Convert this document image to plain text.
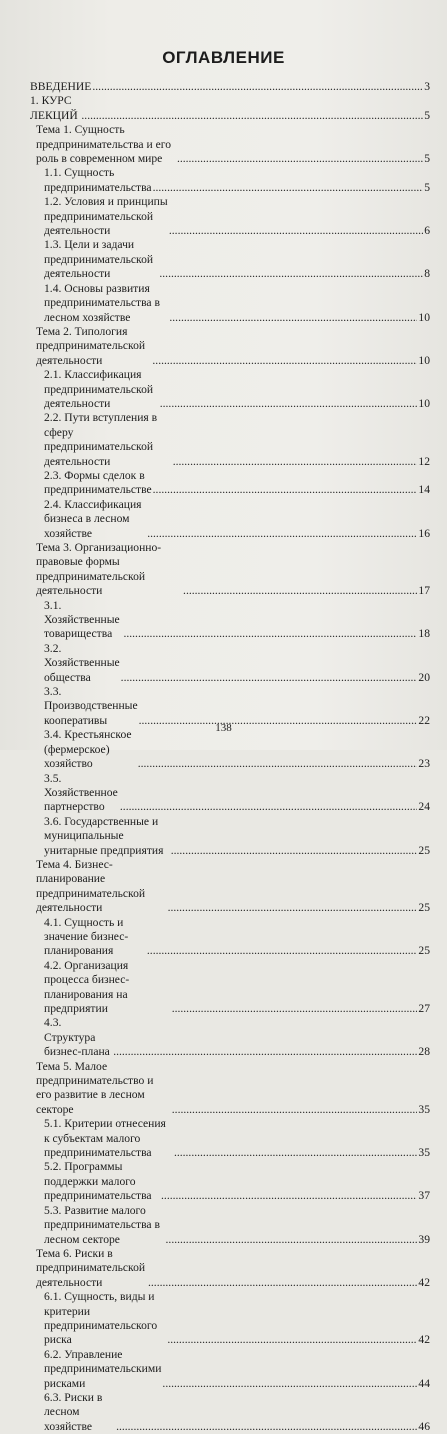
ОГЛАВЛЕНИЕ
ВВЕДЕНИЕ .....	3
1. КУРС ЛЕКЦИЙ .....	5
Тема 1. Сущность предпринимательства и его роль в современном мире .....	5
1.1. Сущность предпринимательства .....	5
1.2. Условия и принципы предпринимательской деятельности .....	6
1.3. Цели и задачи предпринимательской деятельности .....	8
1.4. Основы развития предпринимательства в лесном хозяйстве .....	10
Тема 2. Типология предпринимательской деятельности .....	10
2.1. Классификация предпринимательской деятельности .....	10
2.2. Пути вступления в сферу предпринимательской деятельности .....	12
2.3. Формы сделок в предпринимательстве .....	14
2.4. Классификация бизнеса в лесном хозяйстве .....	16
Тема 3. Организационно-правовые формы предпринимательской деятельности .....	17
3.1. Хозяйственные товарищества .....	18
3.2. Хозяйственные общества .....	20
3.3. Производственные кооперативы .....	22
3.4. Крестьянское (фермерское) хозяйство .....	23
3.5. Хозяйственное партнерство .....	24
3.6. Государственные и муниципальные унитарные предприятия .....	25
Тема 4. Бизнес-планирование предпринимательской деятельности .....	25
4.1. Сущность и значение бизнес-планирования .....	25
4.2. Организация процесса бизнес-планирования на предприятии .....	27
4.3. Структура бизнес-плана .....	28
Тема 5. Малое предпринимательство и его развитие в лесном секторе .....	35
5.1. Критерии отнесения к субъектам малого предпринимательства .....	35
5.2. Программы поддержки малого предпринимательства .....	37
5.3. Развитие малого предпринимательства в лесном секторе .....	39
Тема 6. Риски в предпринимательской деятельности .....	42
6.1. Сущность, виды и критерии предпринимательского риска .....	42
6.2. Управление предпринимательскими рисками .....	44
6.3. Риски в лесном хозяйстве .....	46
138
